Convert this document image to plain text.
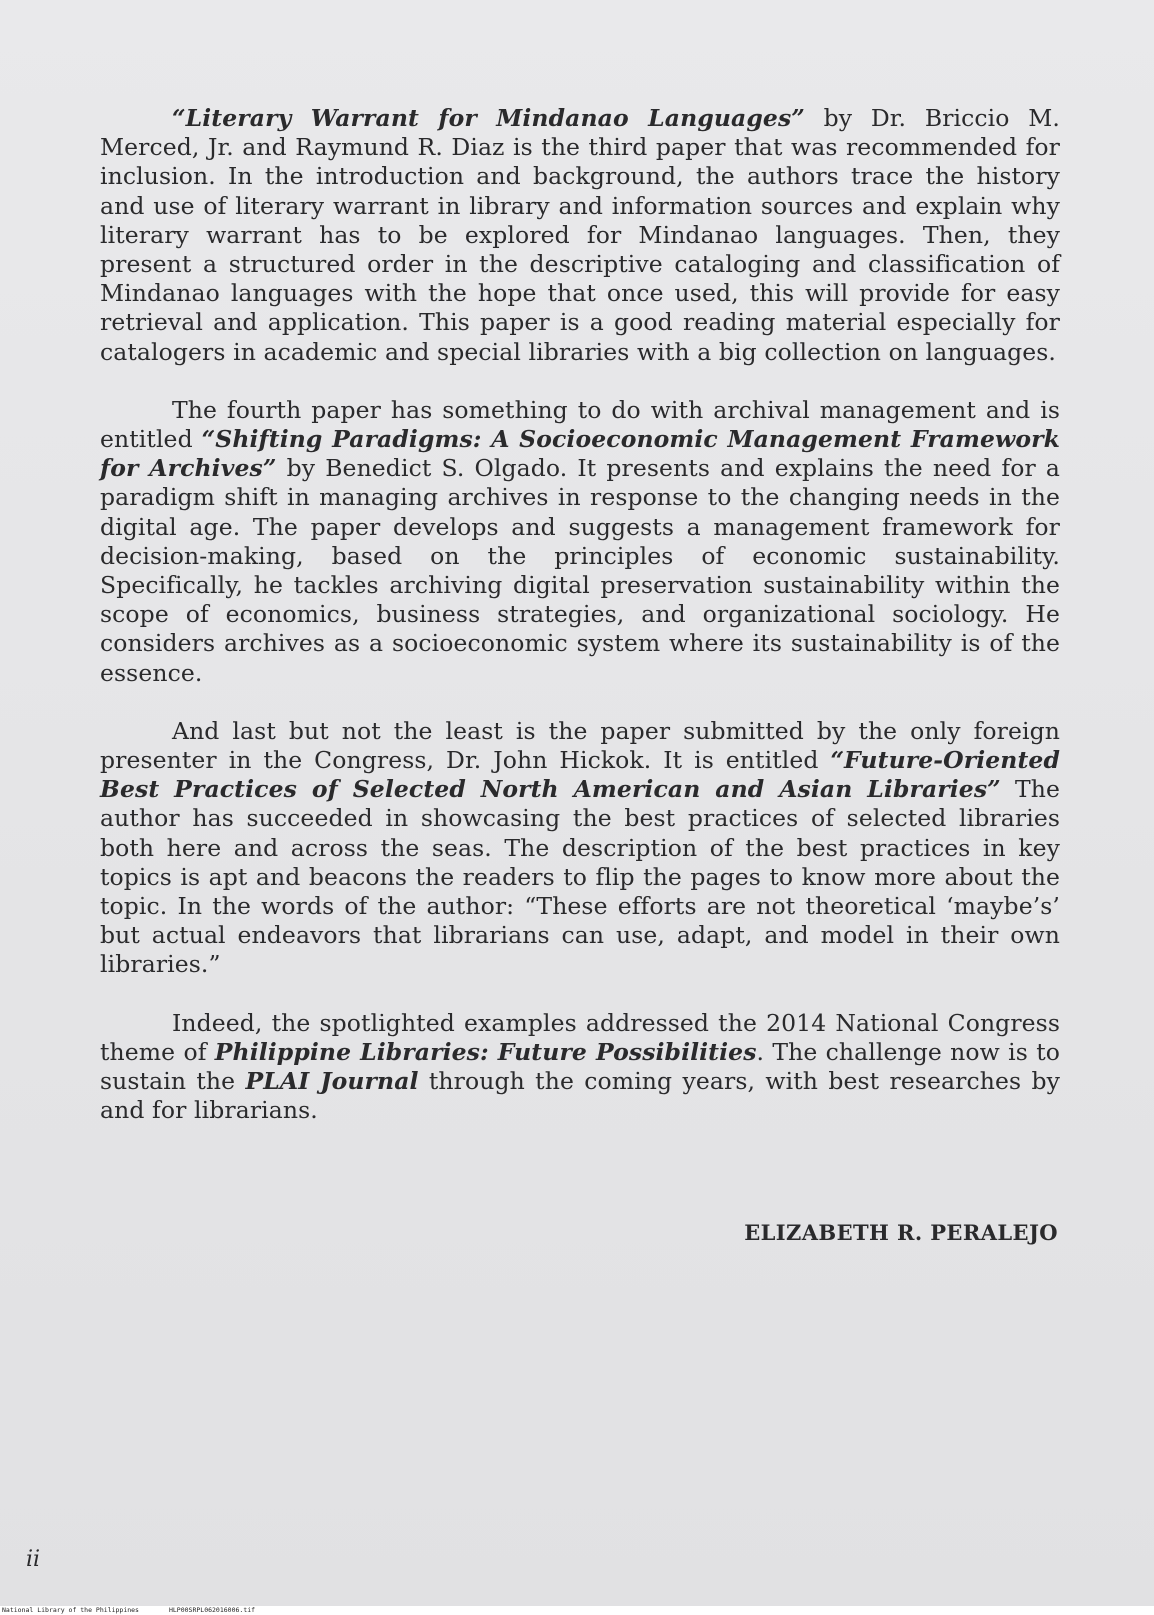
“Literary Warrant for Mindanao Languages” by Dr. Briccio M. Merced, Jr. and Raymund R. Diaz is the third paper that was recommended for inclusion. In the introduction and background, the authors trace the history and use of literary warrant in library and information sources and explain why literary warrant has to be explored for Mindanao languages. Then, they present a structured order in the descriptive cataloging and classification of Mindanao languages with the hope that once used, this will provide for easy retrieval and application. This paper is a good reading material especially for catalogers in academic and special libraries with a big collection on languages.

The fourth paper has something to do with archival management and is entitled “Shifting Paradigms: A Socioeconomic Management Framework for Archives” by Benedict S. Olgado. It presents and explains the need for a paradigm shift in managing archives in response to the changing needs in the digital age. The paper develops and suggests a management framework for decision-making, based on the principles of economic sustainability. Specifically, he tackles archiving digital preservation sustainability within the scope of economics, business strategies, and organizational sociology. He considers archives as a socioeconomic system where its sustainability is of the essence.

And last but not the least is the paper submitted by the only foreign presenter in the Congress, Dr. John Hickok. It is entitled “Future-Oriented Best Practices of Selected North American and Asian Libraries” The author has succeeded in showcasing the best practices of selected libraries both here and across the seas. The description of the best practices in key topics is apt and beacons the readers to flip the pages to know more about the topic. In the words of the author: “These efforts are not theoretical ‘maybe’s’ but actual endeavors that librarians can use, adapt, and model in their own libraries.”

Indeed, the spotlighted examples addressed the 2014 National Congress theme of Philippine Libraries: Future Possibilities. The challenge now is to sustain the PLAI Journal through the coming years, with best researches by and for librarians.

ELIZABETH R. PERALEJO
ii
National Library of the Philippines	HLP00SRPL062016006.tif
